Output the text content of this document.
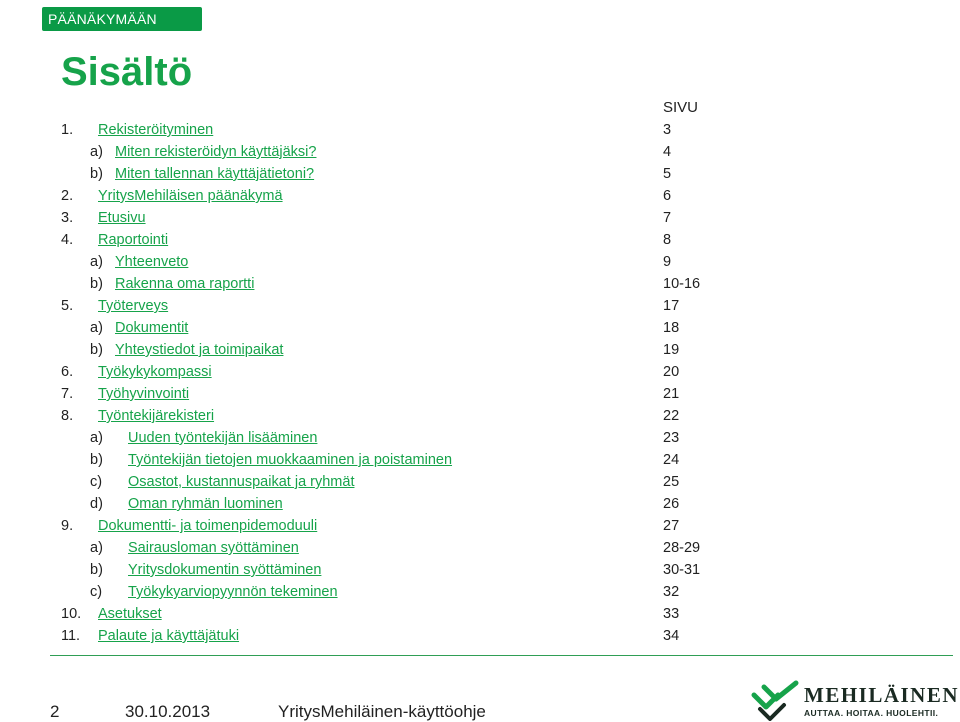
PÄÄNÄKYMÄÄN
Sisältö
SIVU
1. Rekisteröityminen	3
a) Miten rekisteröidyn käyttäjäksi?	4
b) Miten tallennan käyttäjätietoni?	5
2. YritysMehiläisen päänäkymä	6
3. Etusivu	7
4. Raportointi	8
a) Yhteenveto	9
b) Rakenna oma raportti	10-16
5. Työterveys	17
a) Dokumentit	18
b) Yhteystiedot ja toimipaikat	19
6. Työkykykompassi	20
7. Työhyvinvointi	21
8. Työntekijärekisteri	22
a) Uuden työntekijän lisääminen	23
b) Työntekijän tietojen muokkaaminen ja poistaminen	24
c) Osastot, kustannuspaikat ja ryhmät	25
d) Oman ryhmän luominen	26
9. Dokumentti- ja toimenpidemoduuli	27
a) Sairausloman syöttäminen	28-29
b) Yritysdokumentin syöttäminen	30-31
c) Työkykyarviopyynnön tekeminen	32
10. Asetukset	33
11. Palaute ja käyttäjätuki	34
2	30.10.2013	YritysMehiläinen-käyttöohje
MEHILÄINEN
AUTTAA. HOITAA. HUOLEHTII.
